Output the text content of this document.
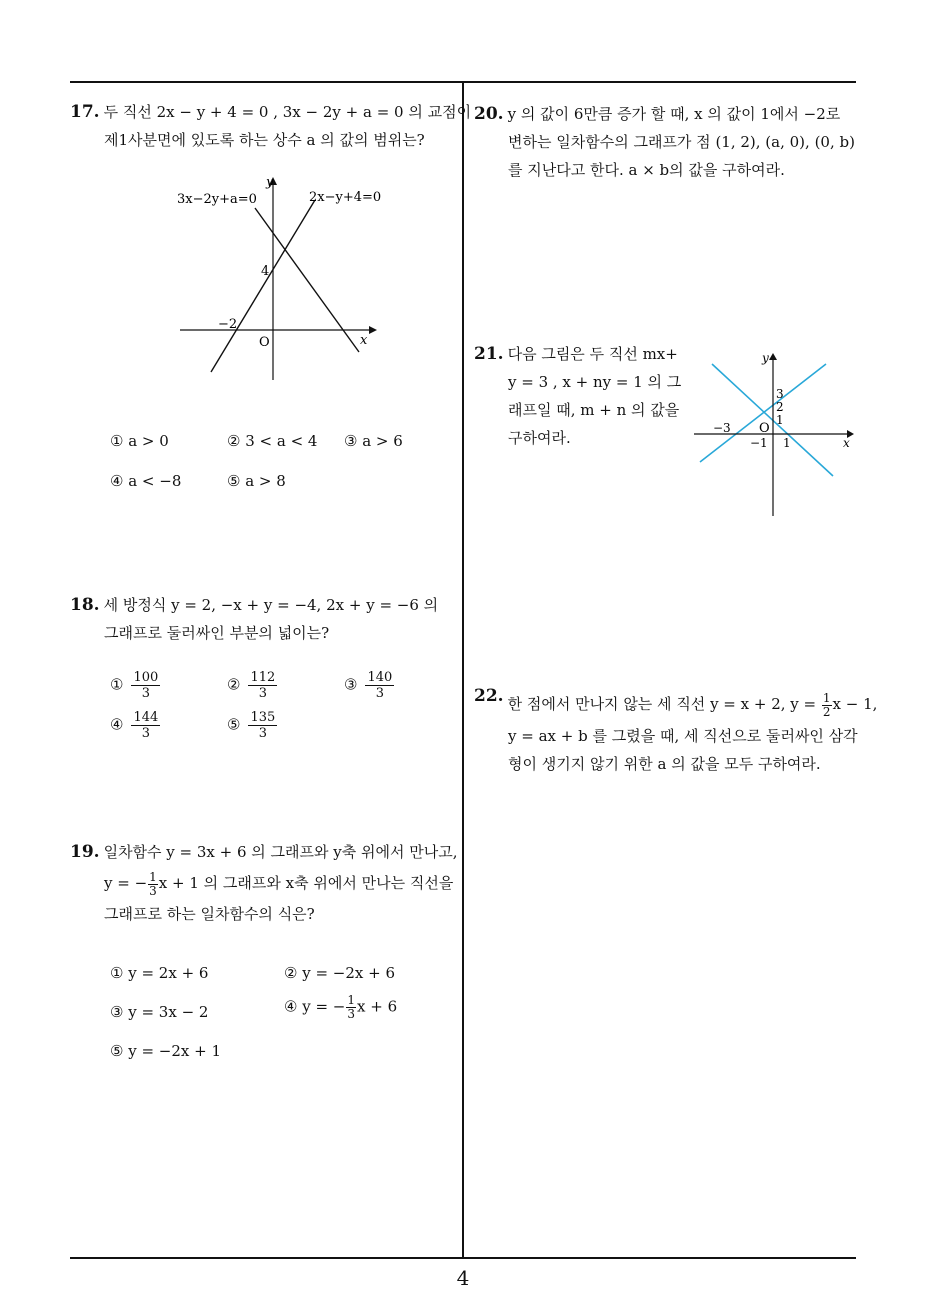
17. 두 직선 2x − y + 4 = 0 , 3x − 2y + a = 0 의 교점이
제1사분면에 있도록 하는 상수 a 의 값의 범위는?
y
x
O
4
−2
3x−2y+a=0	2x−y+4=0
① a > 0	② 3 < a < 4 ③ a > 6
④ a < −8	⑤ a > 8
18. 세 방정식 y = 2, −x + y = −4, 2x + y = −6 의
그래프로 둘러싸인 부분의 넓이는?
① $\frac{100}{3}$	② $\frac{112}{3}$	③ $\frac{140}{3}$
④ $\frac{144}{3}$	⑤ $\frac{135}{3}$
19. 일차함수 y = 3x + 6 의 그래프와 y축 위에서 만나고,
y = − $\frac{1}{3}$ x + 1 의 그래프와 x축 위에서 만나는 직선을
그래프로 하는 일차함수의 식은?
① y = 2x + 6	② y = −2x + 6
③ y = 3x − 2	④ y = − $\frac{1}{3}$ x + 6
⑤ y = −2x + 1
20. y 의 값이 6만큼 증가 할 때, x 의 값이 1에서 −2로
변하는 일차함수의 그래프가 점 (1, 2), (a, 0), (0, b)
를 지난다고 한다. a × b의 값을 구하여라.
21. 다음 그림은 두 직선 mx+
y = 3 , x + ny = 1 의 그
래프일 때, m + n 의 값을
구하여라.
y
x
O
3
2
1
−3
−1 1
22. 한 점에서 만나지 않는 세 직선 y = x + 2, $y = \frac{1}{2}$ x − 1,
y = ax + b 를 그렸을 때, 세 직선으로 둘러싸인 삼각
형이 생기지 않기 위한 a 의 값을 모두 구하여라.
4
